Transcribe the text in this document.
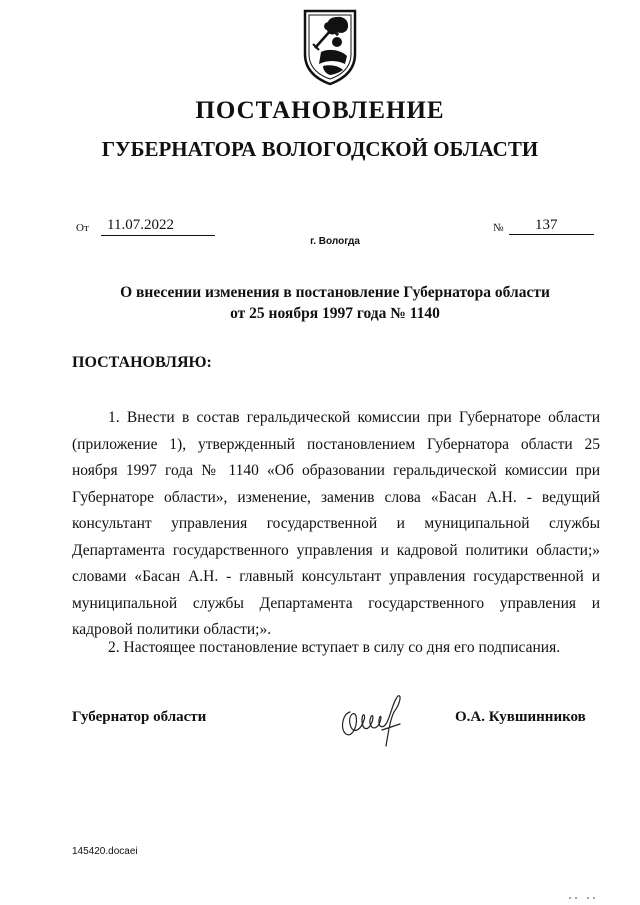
ПОСТАНОВЛЕНИЕ
ГУБЕРНАТОРА ВОЛОГОДСКОЙ ОБЛАСТИ
От	11.07.2022	№	137
г. Вологда
О внесении изменения в постановление Губернатора области
от 25 ноября 1997 года № 1140
ПОСТАНОВЛЯЮ:
1. Внести в состав геральдической комиссии при Губернаторе области (приложение 1), утвержденный постановлением Губернатора области 25 ноября 1997 года № 1140 «Об образовании геральдической комиссии при Губернаторе области», изменение, заменив слова «Басан А.Н. - ведущий консультант управления государственной и муниципальной службы Департамента государственного управления и кадровой политики области;» словами «Басан А.Н. - главный консультант управления государственной и муниципальной службы Департамента государственного управления и кадровой политики области;».
2. Настоящее постановление вступает в силу со дня его подписания.
Губернатор области	О.А. Кувшинников
145420.docaei
